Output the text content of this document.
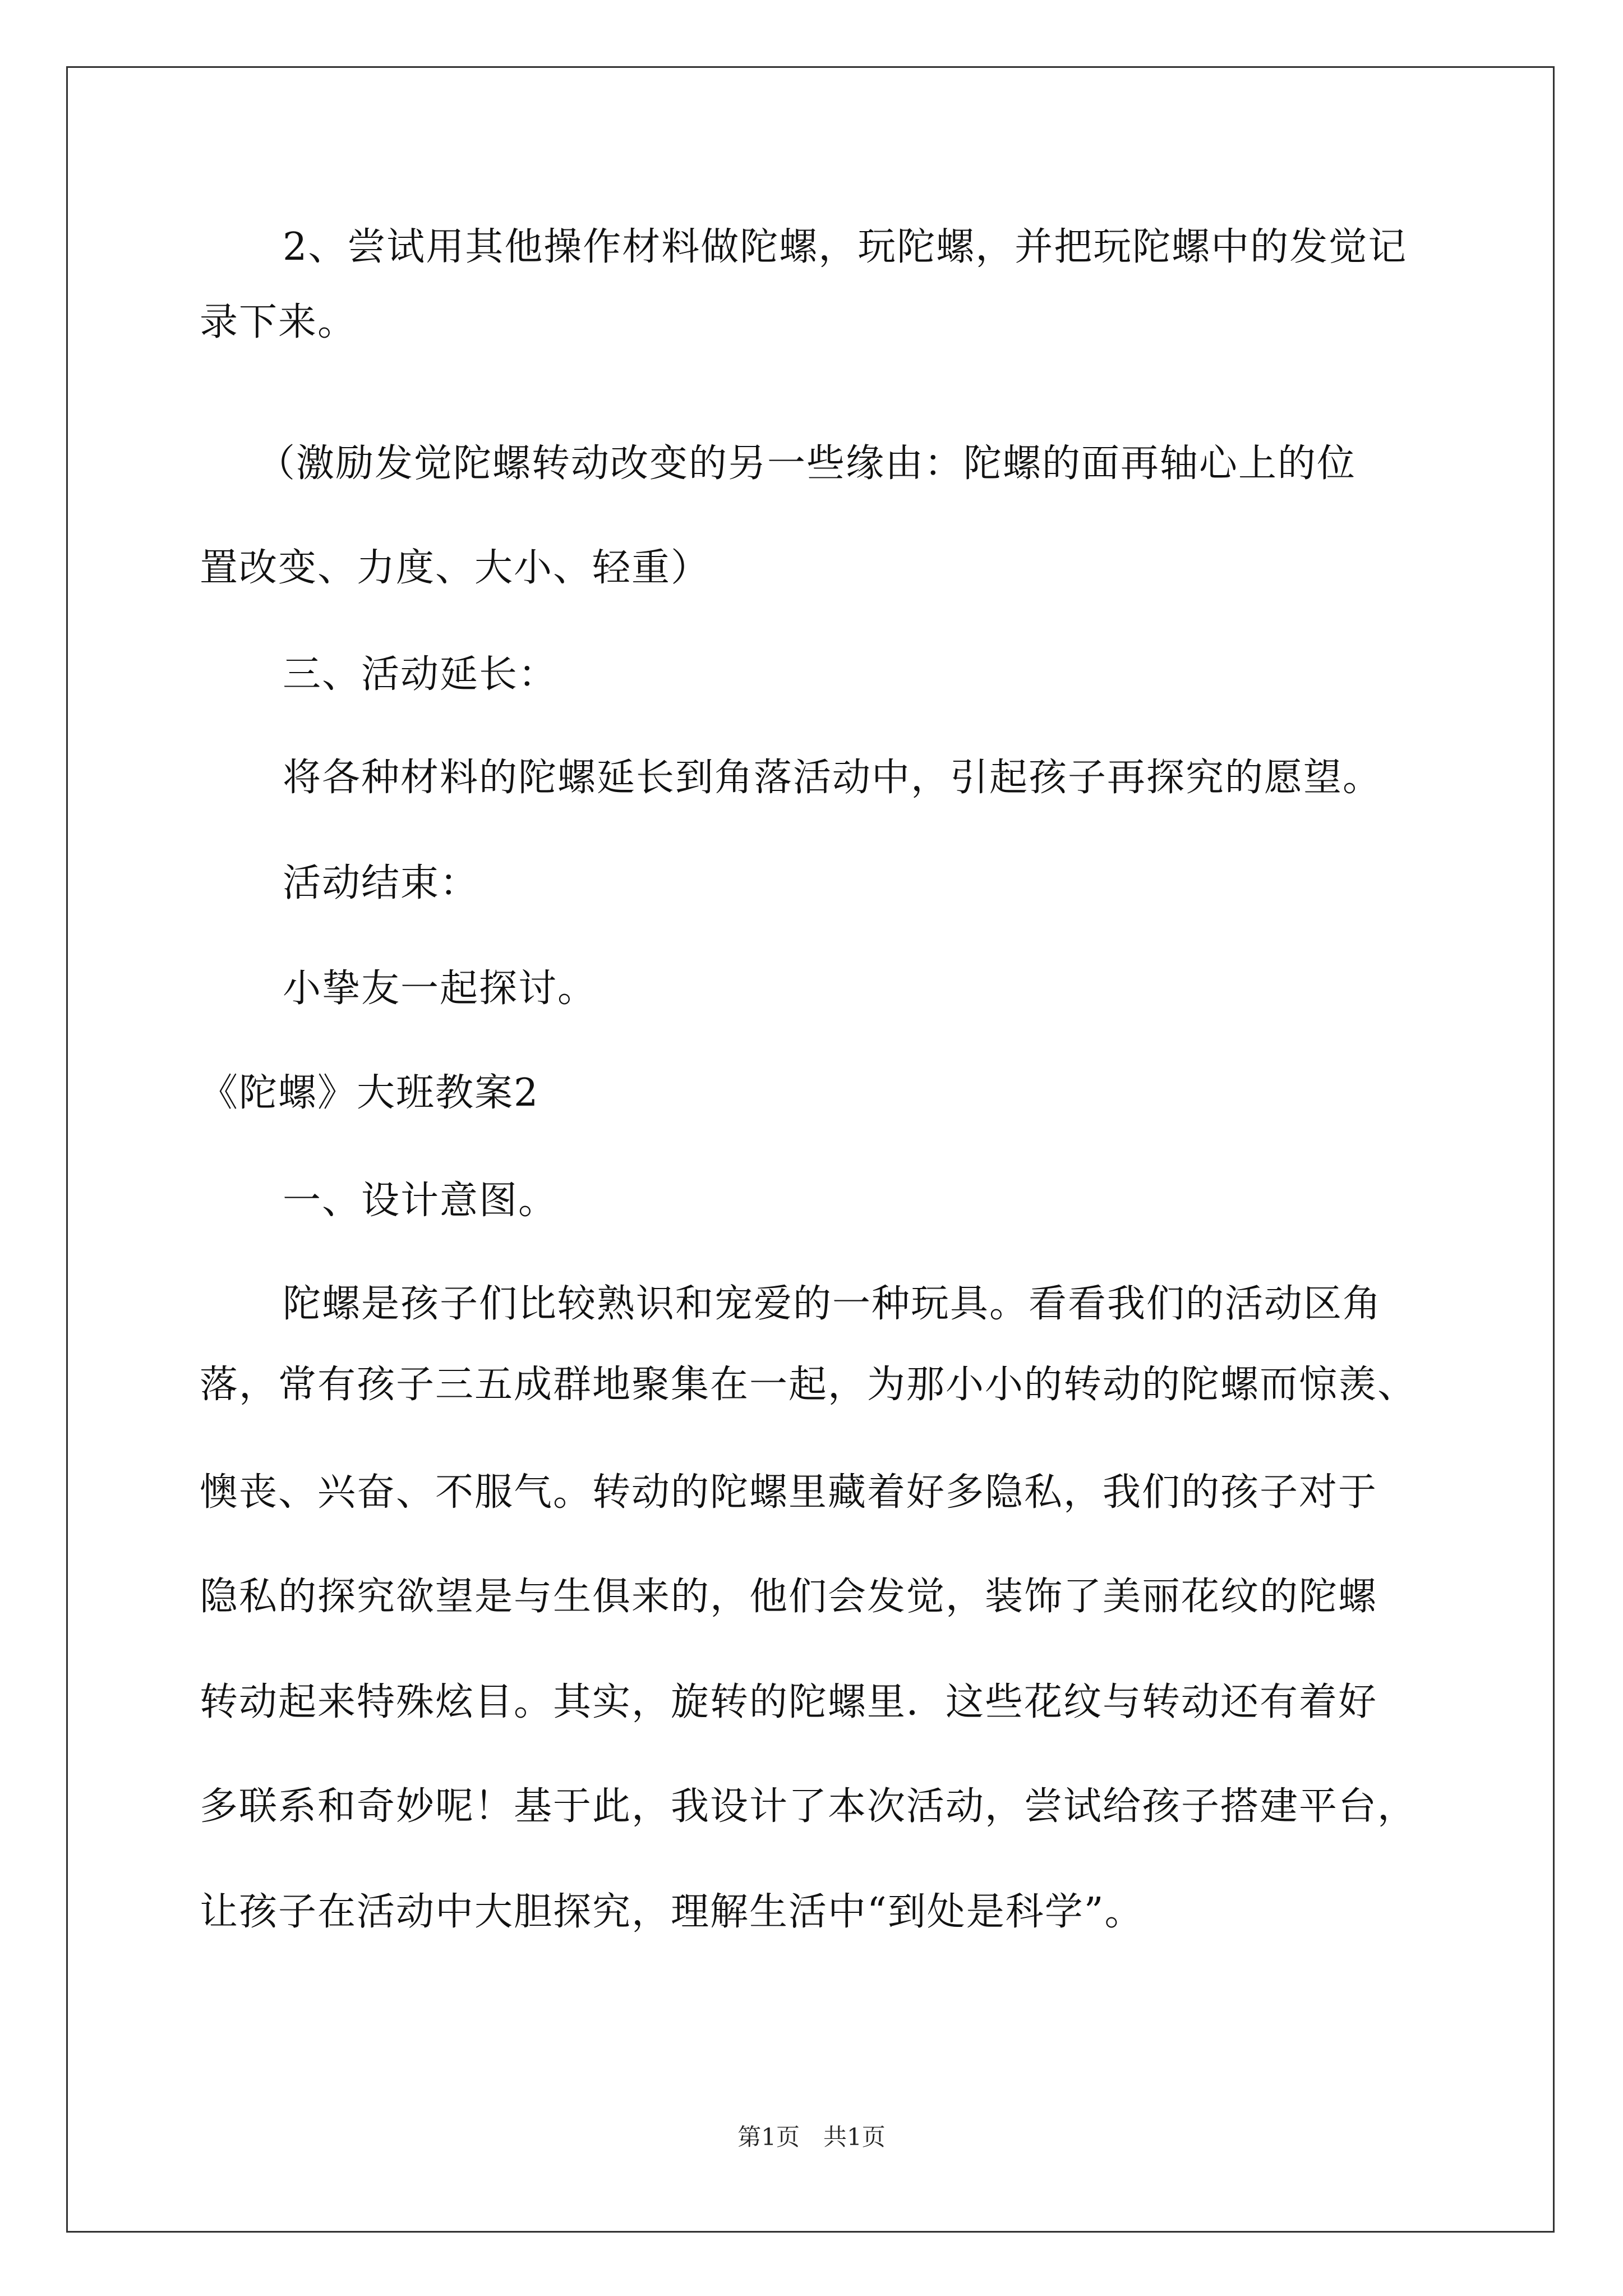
2、尝试用其他操作材料做陀螺，玩陀螺，并把玩陀螺中的发觉记
录下来。
（激励发觉陀螺转动改变的另一些缘由：陀螺的面再轴心上的位
置改变、力度、大小、轻重）
三、活动延长：
将各种材料的陀螺延长到角落活动中，引起孩子再探究的愿望。
活动结束：
小挚友一起探讨。
《陀螺》大班教案2
一、设计意图。
陀螺是孩子们比较熟识和宠爱的一种玩具。看看我们的活动区角
落，常有孩子三五成群地聚集在一起，为那小小的转动的陀螺而惊羡、
懊丧、兴奋、不服气。转动的陀螺里藏着好多隐私，我们的孩子对于
隐私的探究欲望是与生俱来的，他们会发觉，装饰了美丽花纹的陀螺
转动起来特殊炫目。其实，旋转的陀螺里．这些花纹与转动还有着好
多联系和奇妙呢！基于此，我设计了本次活动，尝试给孩子搭建平台，
让孩子在活动中大胆探究，理解生活中“到处是科学”。
第1页　共1页
